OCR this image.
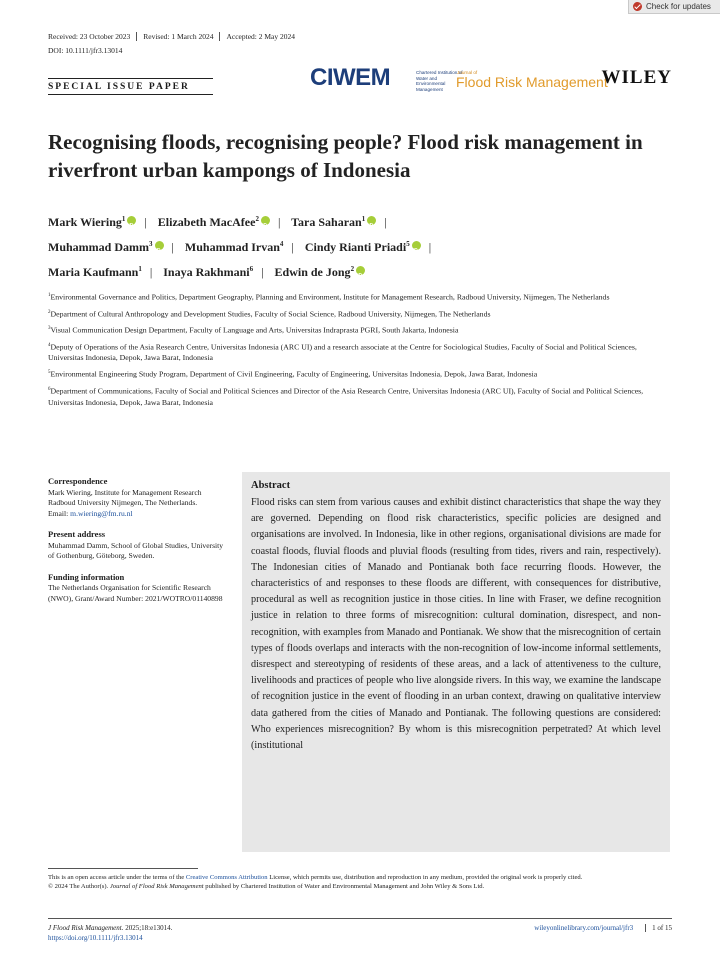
Check for updates
Received: 23 October 2023	Revised: 1 March 2024	Accepted: 2 May 2024
DOI: 10.1111/jfr3.13014
SPECIAL ISSUE PAPER	CIWEM	Chartered Institution of Water and Environmental Management
Journal of
Flood Risk Management
WILEY
Recognising floods, recognising people? Flood risk management in riverfront urban kampongs of Indonesia
Mark Wiering$^1$ iD | Elizabeth MacAfee$^2$ iD | Tara Saharan$^1$ iD |
Muhammad Damm$^3$ iD | Muhammad Irvan$^4$ | Cindy Rianti Priadi$^5$ iD |
Maria Kaufmann$^1$ | Inaya Rakhmani$^6$ | Edwin de Jong$^2$iD

$^1$Environmental Governance and Politics, Department Geography, Planning and Environment, Institute for Management Research, Radboud University, Nijmegen, The Netherlands

$^2$Department of Cultural Anthropology and Development Studies, Faculty of Social Science, Radboud University, Nijmegen, The Netherlands

$^3$Visual Communication Design Department, Faculty of Language and Arts, Universitas Indraprasta PGRI, South Jakarta, Indonesia

$^4$Deputy of Operations of the Asia Research Centre, Universitas Indonesia (ARC UI) and a research associate at the Centre for Sociological Studies, Faculty of Social and Political Sciences, Universitas Indonesia, Depok, Jawa Barat, Indonesia

$^5$Environmental Engineering Study Program, Department of Civil Engineering, Faculty of Engineering, Universitas Indonesia, Depok, Jawa Barat, Indonesia

$^6$Department of Communications, Faculty of Social and Political Sciences and Director of the Asia Research Centre, Universitas Indonesia (ARC UI), Faculty of Social and Political Sciences, Universitas Indonesia, Depok, Jawa Barat, Indonesia

Correspondence
Mark Wiering, Institute for Management Research Radboud University Nijmegen, The Netherlands.
Email: m.wiering@fm.ru.nl
Present address
Muhammad Damm, School of Global Studies, University of Gothenburg, Göteborg, Sweden.
Funding information
The Netherlands Organisation for Scientific Research (NWO), Grant/Award Number: 2021/WOTRO/01140898
Abstract

Flood risks can stem from various causes and exhibit distinct characteristics that shape the way they are governed. Depending on flood risk characteristics, specific policies are designed and organisations are involved. In Indonesia, like in other regions, organisational divisions are made for coastal floods, fluvial floods and pluvial floods (resulting from tides, rivers and rain, respectively). The Indonesian cities of Manado and Pontianak both face recurring floods. However, the characteristics of and responses to these floods are different, with consequences for distributive, procedural as well as recognition justice in those cities. In line with Fraser, we define recognition justice in relation to three forms of misrecognition: cultural domination, disrespect, and non-recognition, with examples from Manado and Pontianak. We show that the misrecognition of certain types of floods overlaps and interacts with the non-recognition of low-income informal settlements, disrespect and stereotyping of residents of these areas, and a lack of attentiveness to the culture, livelihoods and practices of people who live alongside rivers. In this way, we examine the landscape of recognition justice in the event of flooding in an urban context, drawing on qualitative interview data gathered from the cities of Manado and Pontianak. The following questions are considered: Who experiences misrecognition? By whom is this misrecognition perpetrated? At which level (institutional

This is an open access article under the terms of the Creative Commons Attribution License, which permits use, distribution and reproduction in any medium, provided the original work is properly cited.
© 2024 The Author(s). Journal of Flood Risk Management published by Chartered Institution of Water and Environmental Management and John Wiley & Sons Ltd.
J Flood Risk Management. 2025;18:e13014.
https://doi.org/10.1111/jfr3.13014
wileyonlinelibrary.com/journal/jfr3	1 of 15
